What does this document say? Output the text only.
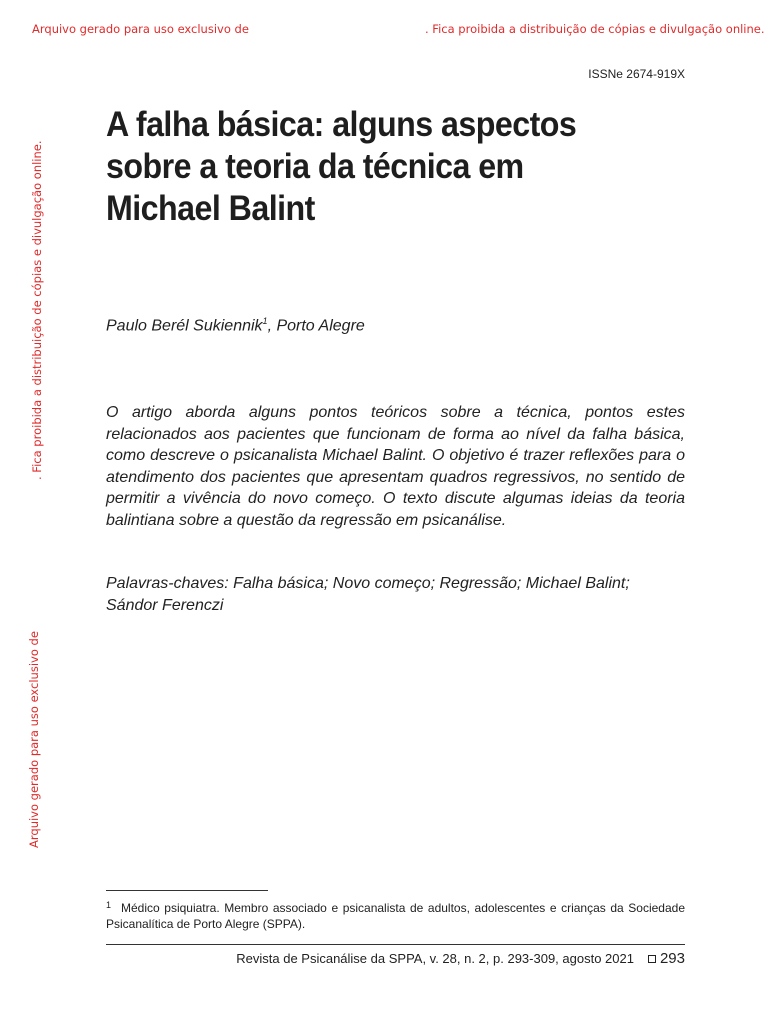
Arquivo gerado para uso exclusivo de	. Fica proibida a distribuição de cópias e divulgação online.
. Fica proibida a distribuição de cópias e divulgação online.
Arquivo gerado para uso exclusivo de
ISSNe 2674-919X
A falha básica: alguns aspectos
sobre a teoria da técnica em
Michael Balint
Paulo Berél Sukiennik$^1$, Porto Alegre

O artigo aborda alguns pontos teóricos sobre a técnica, pontos estes relacionados aos pacientes que funcionam de forma ao nível da falha básica, como descreve o psicanalista Michael Balint. O objetivo é trazer reflexões para o atendimento dos pacientes que apresentam quadros regressivos, no sentido de permitir a vivência do novo começo. O texto discute algumas ideias da teoria balintiana sobre a questão da regressão em psicanálise.

Palavras-chaves: Falha básica; Novo começo; Regressão; Michael Balint; Sándor Ferenczi

$^1$ Médico psiquiatra. Membro associado e psicanalista de adultos, adolescentes e crianças da Sociedade Psicanalítica de Porto Alegre (SPPA).

Revista de Psicanálise da SPPA, v. 28, n. 2, p. 293-309, agosto 2021 293
